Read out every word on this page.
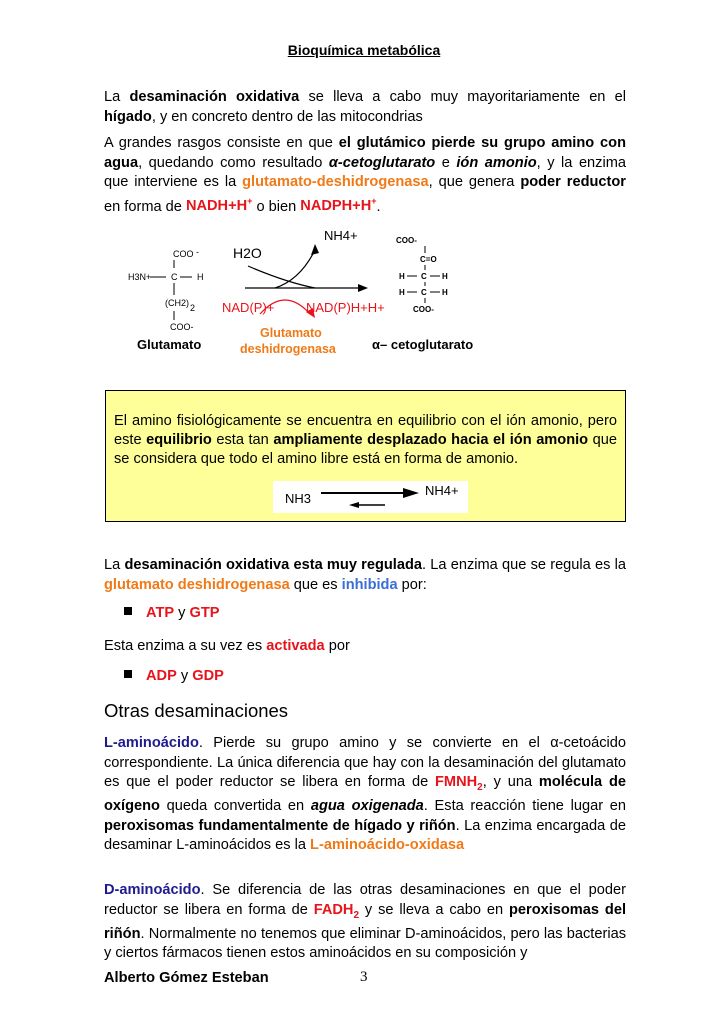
Bioquímica metabólica

La desaminación oxidativa se lleva a cabo muy mayoritariamente en el hígado, y en concreto dentro de las mitocondrias

A grandes rasgos consiste en que el glutámico pierde su grupo amino con agua, quedando como resultado α-cetoglutarato e ión amonio, y la enzima que interviene es la glutamato-deshidrogenasa, que genera poder reductor en forma de NADH+H+ o bien NADPH+H+.

COO -
H3N+ C H
(CH2) 2
COO-
Glutamato
H2O
NH4+
NAD(P)+ NAD(P)H+H+
Glutamato
deshidrogenasa
COO-
C=O
H C H
H C H
COO-
α– cetoglutarato
El amino fisiológicamente se encuentra en equilibrio con el ión amonio, pero este equilibrio esta tan ampliamente desplazado hacia el ión amonio que se considera que todo el amino libre está en forma de amonio.
NH3
NH4+

La desaminación oxidativa esta muy regulada. La enzima que se regula es la glutamato deshidrogenasa que es inhibida por:

ATP y GTP

Esta enzima a su vez es activada por

ADP y GDP
Otras desaminaciones

L-aminoácido. Pierde su grupo amino y se convierte en el α-cetoácido correspondiente. La única diferencia que hay con la desaminación del glutamato es que el poder reductor se libera en forma de $FMNH_2$, y una molécula de oxígeno queda convertida en agua oxigenada. Esta reacción tiene lugar en peroxisomas fundamentalmente de hígado y riñón. La enzima encargada de desaminar L-aminoácidos es la L-aminoácido-oxidasa

D-aminoácido. Se diferencia de las otras desaminaciones en que el poder reductor se libera en forma de $FADH_2$ y se lleva a cabo en peroxisomas del riñón. Normalmente no tenemos que eliminar D-aminoácidos, pero las bacterias y ciertos fármacos tienen estos aminoácidos en su composición y

Alberto Gómez Esteban	3
